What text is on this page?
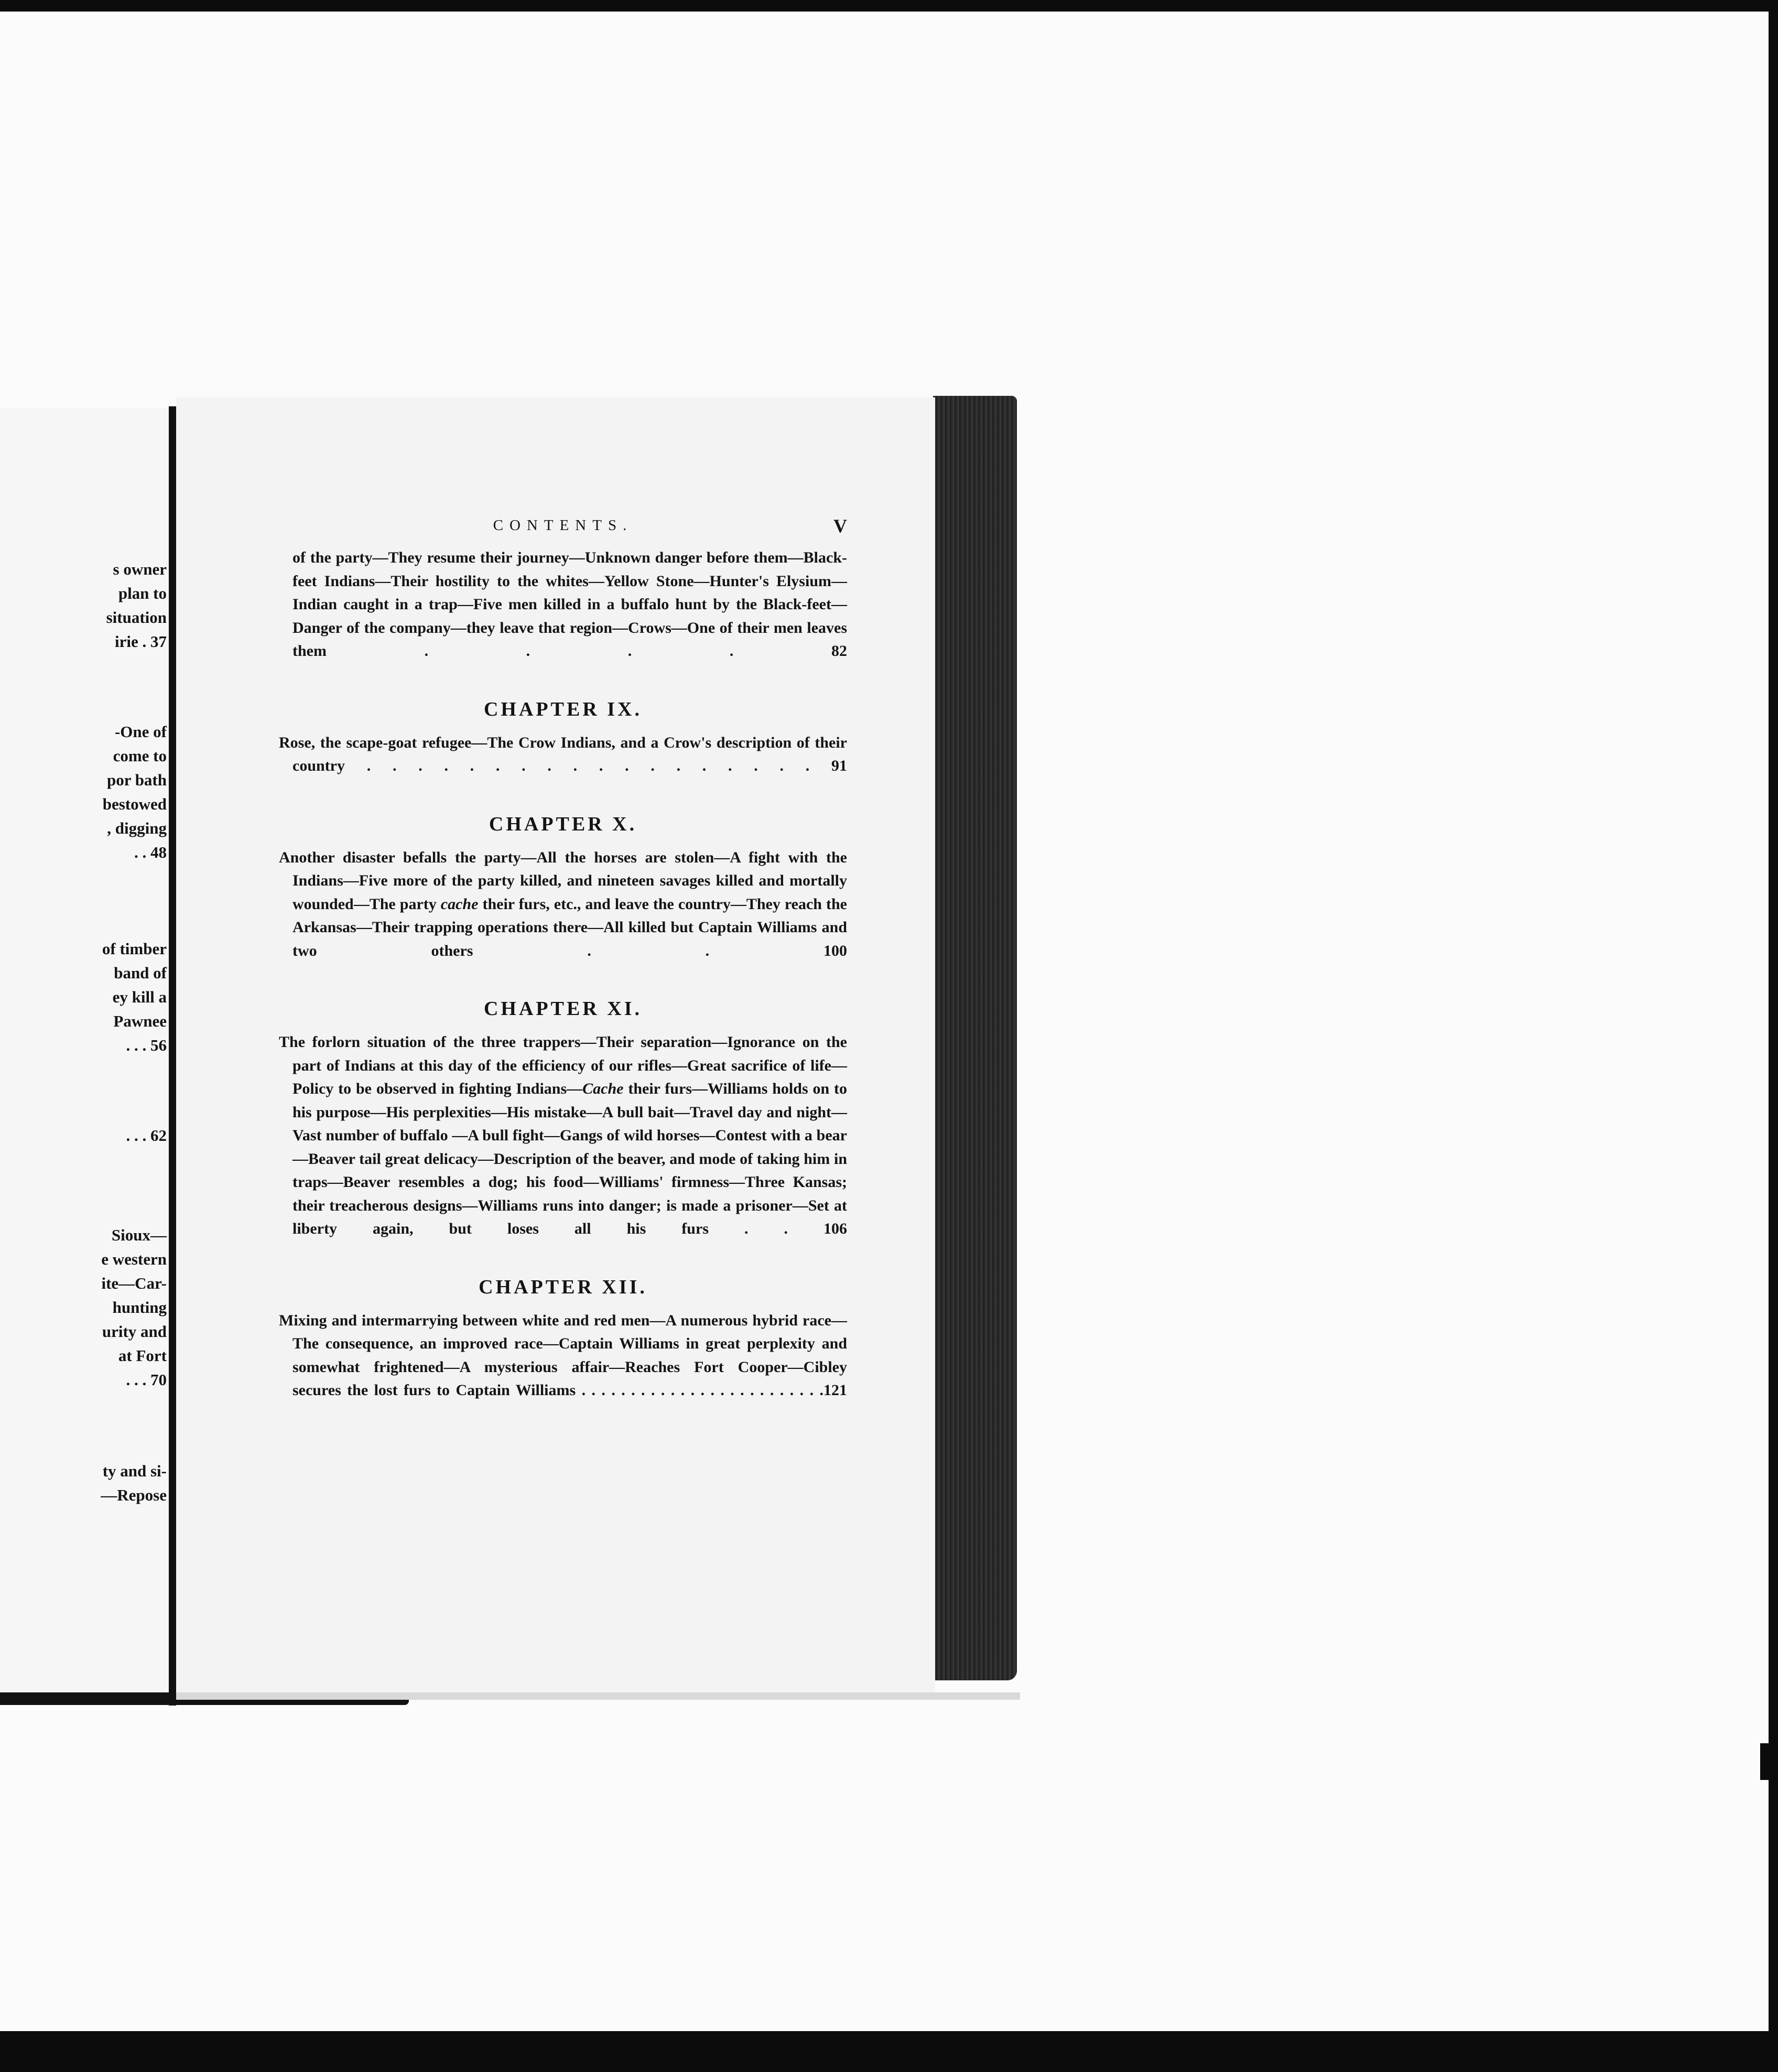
s owner
plan to
situation
irie . 37
-One of
come to
por bath
bestowed
, digging
. . 48
of timber
band of
ey kill a
Pawnee
. . . 56
. . . 62
Sioux—
e western
ite—Car-
hunting
urity and
at Fort
. . . 70
ty and si-
—Repose
CONTENTS.	V

of the party—They resume their journey—Unknown danger before them—Black-feet Indians—Their hostility to the whites—Yellow Stone—Hunter's Elysium—Indian caught in a trap—Five men killed in a buffalo hunt by the Black-feet—Danger of the company—they leave that region—Crows—One of their men leaves them . . . . 82

CHAPTER IX.

Rose, the scape-goat refugee—The Crow Indians, and a Crow's description of their country . . . . . . . . . . . . . . . . . . 91

CHAPTER X.

Another disaster befalls the party—All the horses are stolen—A fight with the Indians—Five more of the party killed, and nineteen savages killed and mortally wounded—The party cache their furs, etc., and leave the country—They reach the Arkansas—Their trapping operations there—All killed but Captain Williams and two others . . 100

CHAPTER XI.

The forlorn situation of the three trappers—Their separation—Ignorance on the part of Indians at this day of the efficiency of our rifles—Great sacrifice of life—Policy to be observed in fighting Indians—Cache their furs—Williams holds on to his purpose—His perplexities—His mistake—A bull bait—Travel day and night—Vast number of buffalo —A bull fight—Gangs of wild horses—Contest with a bear—Beaver tail great delicacy—Description of the beaver, and mode of taking him in traps—Beaver resembles a dog; his food—Williams' firmness—Three Kansas; their treacherous designs—Williams runs into danger; is made a prisoner—Set at liberty again, but loses all his furs . . 106

CHAPTER XII.

Mixing and intermarrying between white and red men—A numerous hybrid race—The consequence, an improved race—Captain Williams in great perplexity and somewhat frightened—A mysterious affair—Reaches Fort Cooper—Cibley secures the lost furs to Captain Williams . . . . . . . . . . . . . . . . . . . . . . . . .121
